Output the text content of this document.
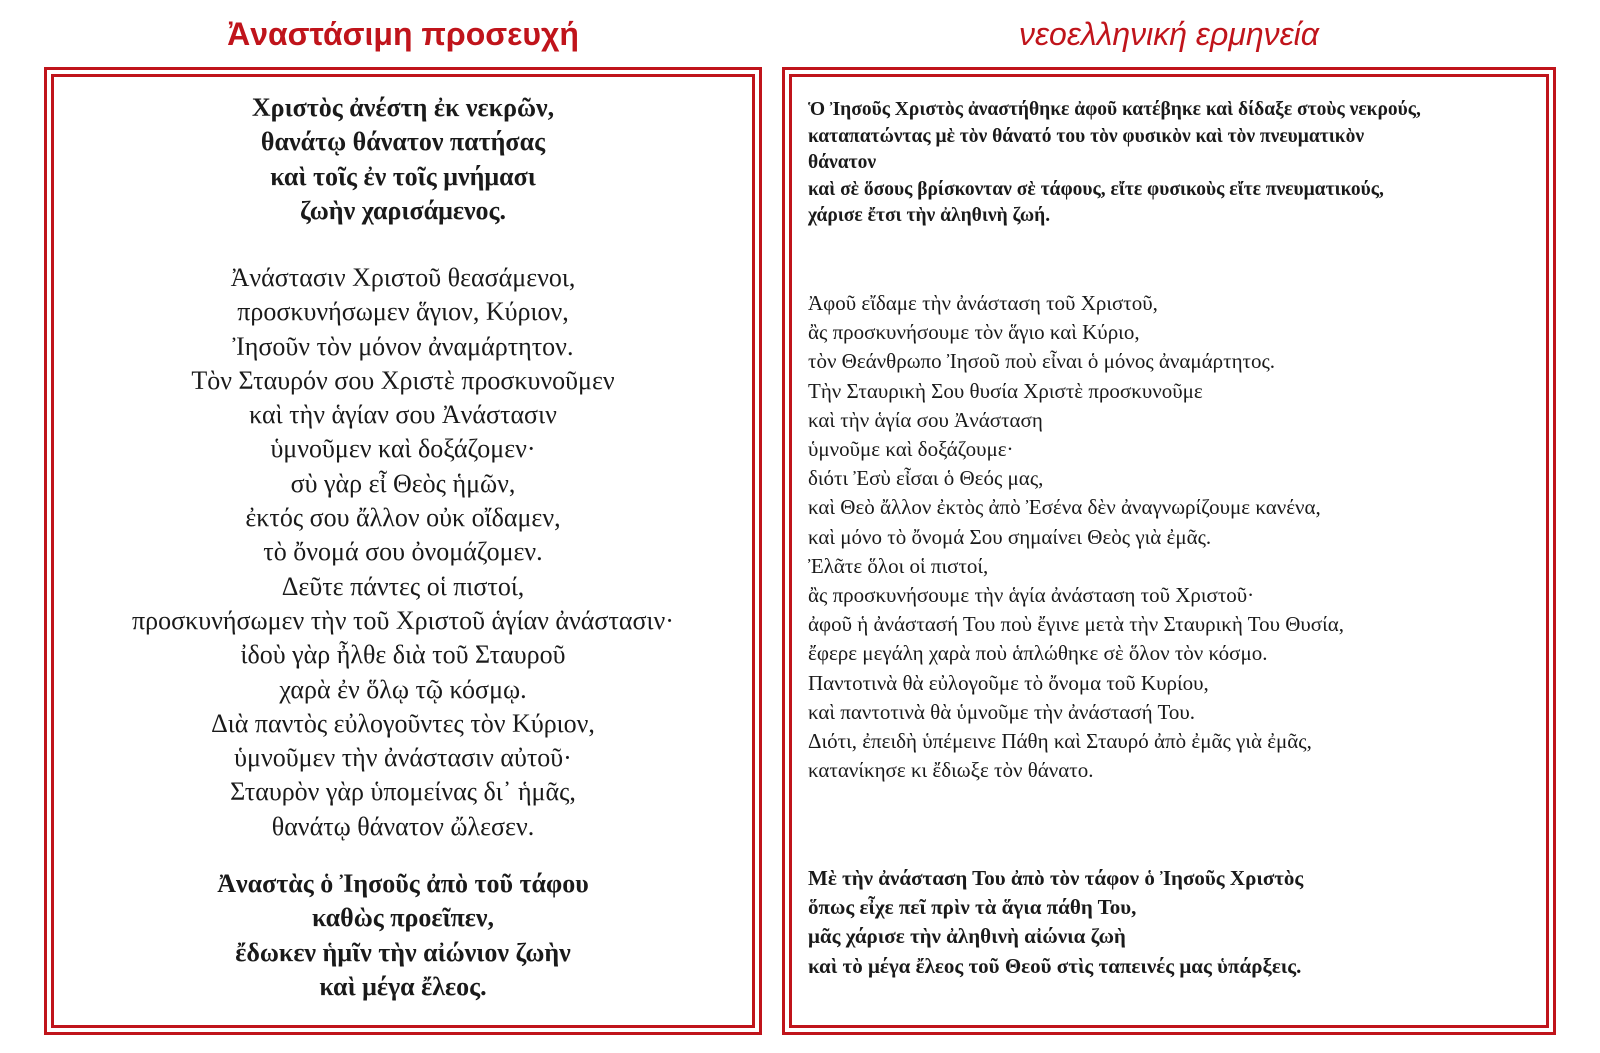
Ἀναστάσιμη προσευχή	νεοελληνική ερμηνεία
Χριστὸς ἀνέστη ἐκ νεκρῶν,
θανάτῳ θάνατον πατήσας
καὶ τοῖς ἐν τοῖς μνήμασι
ζωὴν χαρισάμενος.
Ἀνάστασιν Χριστοῦ θεασάμενοι,
προσκυνήσωμεν ἅγιον, Κύριον,
Ἰησοῦν τὸν μόνον ἀναμάρτητον.
Τὸν Σταυρόν σου Χριστὲ προσκυνοῦμεν
καὶ τὴν ἁγίαν σου Ἀνάστασιν
ὑμνοῦμεν καὶ δοξάζομεν·
σὺ γὰρ εἶ Θεὸς ἡμῶν,
ἐκτός σου ἄλλον οὐκ οἴδαμεν,
τὸ ὄνομά σου ὀνομάζομεν.
Δεῦτε πάντες οἱ πιστοί,
προσκυνήσωμεν τὴν τοῦ Χριστοῦ ἁγίαν ἀνάστασιν·
ἰδοὺ γὰρ ἦλθε διὰ τοῦ Σταυροῦ
χαρὰ ἐν ὅλῳ τῷ κόσμῳ.
Διὰ παντὸς εὐλογοῦντες τὸν Κύριον,
ὑμνοῦμεν τὴν ἀνάστασιν αὐτοῦ·
Σταυρὸν γὰρ ὑπομείνας δι᾽ ἡμᾶς,
θανάτῳ θάνατον ὤλεσεν.
Ἀναστὰς ὁ Ἰησοῦς ἀπὸ τοῦ τάφου
καθὼς προεῖπεν,
ἔδωκεν ἡμῖν τὴν αἰώνιον ζωὴν
καὶ μέγα ἔλεος.
Ὁ Ἰησοῦς Χριστὸς ἀναστήθηκε ἀφοῦ κατέβηκε καὶ δίδαξε στοὺς νεκρούς,
καταπατώντας μὲ τὸν θάνατό του τὸν φυσικὸν καὶ τὸν πνευματικὸν
θάνατον
καὶ σὲ ὅσους βρίσκονταν σὲ τάφους, εἴτε φυσικοὺς εἴτε πνευματικούς,
χάρισε ἔτσι τὴν ἀληθινὴ ζωή.
Ἀφοῦ εἴδαμε τὴν ἀνάσταση τοῦ Χριστοῦ,
ἂς προσκυνήσουμε τὸν ἅγιο καὶ Κύριο,
τὸν Θεάνθρωπο Ἰησοῦ ποὺ εἶναι ὁ μόνος ἀναμάρτητος.
Τὴν Σταυρικὴ Σου θυσία Χριστὲ προσκυνοῦμε
καὶ τὴν ἁγία σου Ἀνάσταση
ὑμνοῦμε καὶ δοξάζουμε·
διότι Ἐσὺ εἶσαι ὁ Θεός μας,
καὶ Θεὸ ἄλλον ἐκτὸς ἀπὸ Ἐσένα δὲν ἀναγνωρίζουμε κανένα,
καὶ μόνο τὸ ὄνομά Σου σημαίνει Θεὸς γιὰ ἐμᾶς.
Ἐλᾶτε ὅλοι οἱ πιστοί,
ἂς προσκυνήσουμε τὴν ἁγία ἀνάσταση τοῦ Χριστοῦ·
ἀφοῦ ἡ ἀνάστασή Του ποὺ ἔγινε μετὰ τὴν Σταυρικὴ Του Θυσία,
ἔφερε μεγάλη χαρὰ ποὺ ἁπλώθηκε σὲ ὅλον τὸν κόσμο.
Παντοτινὰ θὰ εὐλογοῦμε τὸ ὄνομα τοῦ Κυρίου,
καὶ παντοτινὰ θὰ ὑμνοῦμε τὴν ἀνάστασή Του.
Διότι, ἐπειδὴ ὑπέμεινε Πάθη καὶ Σταυρό ἀπὸ ἐμᾶς γιὰ ἐμᾶς,
κατανίκησε κι ἔδιωξε τὸν θάνατο.
Μὲ τὴν ἀνάσταση Του ἀπὸ τὸν τάφον ὁ Ἰησοῦς Χριστὸς
ὅπως εἶχε πεῖ πρὶν τὰ ἅγια πάθη Του,
μᾶς χάρισε τὴν ἀληθινὴ αἰώνια ζωὴ
καὶ τὸ μέγα ἔλεος τοῦ Θεοῦ στὶς ταπεινές μας ὑπάρξεις.
